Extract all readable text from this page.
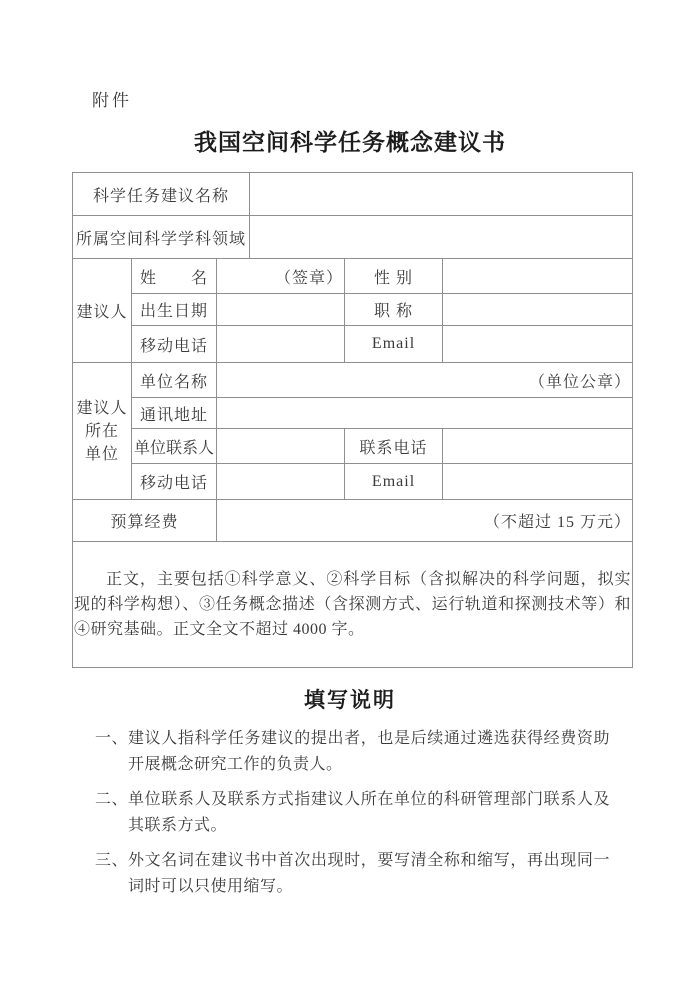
附件
我国空间科学任务概念建议书
科学任务建议名称					
所属空间科学学科领域					
建议人	姓　　名	（签章）		性 别	
	出生日期			职 称	
	移动电话			Email	

建议人
所在
单位	单位名称	（单位公章）			
	通讯地址				
	单位联系人			联系电话	
	移动电话			Email	
预算经费		（不超过 15 万元）			
正文，主要包括①科学意义、②科学目标（含拟解决的科学问题，拟实现的科学构想）、③任务概念描述（含探测方式、运行轨道和探测技术等）和④研究基础。正文全文不超过 4000 字。					
填写说明
一、 建议人指科学任务建议的提出者，也是后续通过遴选获得经费资助开展概念研究工作的负责人。
二、 单位联系人及联系方式指建议人所在单位的科研管理部门联系人及其联系方式。
三、 外文名词在建议书中首次出现时，要写清全称和缩写，再出现同一词时可以只使用缩写。
